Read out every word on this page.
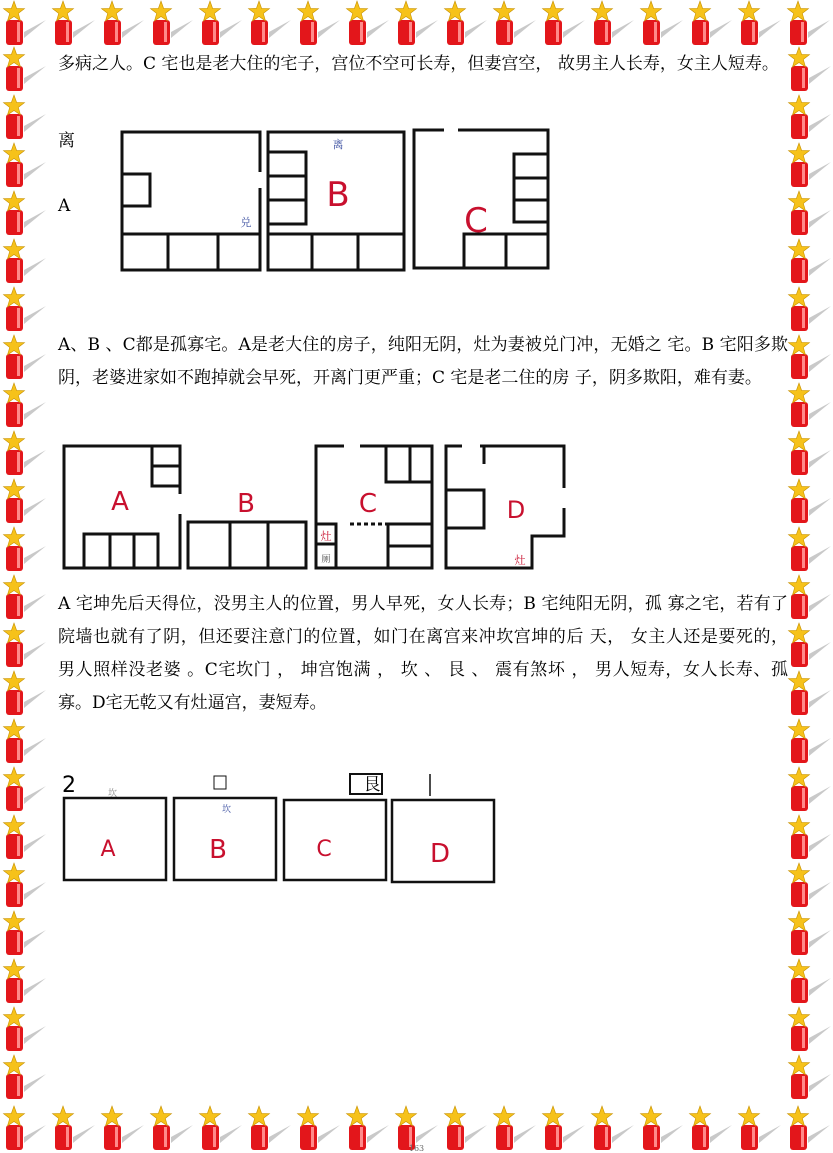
多病之人。C 宅也是老大住的宅子，宫位不空可长寿，但妻宫空， 故男主人长寿，女主人短寿。

离
A	B
C
离
兑

A、B 、C都是孤寡宅。A是老大住的房子，纯阳无阴，灶为妻被兑门冲，无婚之 宅。B 宅阳多欺阴，老婆进家如不跑掉就会早死，开离门更严重；C 宅是老二住的房 子，阴多欺阳，难有妻。

A	B	C	D
灶
厕	灶

A 宅坤先后天得位，没男主人的位置，男人早死，女人长寿；B 宅纯阳无阴，孤 寡之宅，若有了院墙也就有了阴，但还要注意门的位置，如门在离宫来冲坎宫坤的后 天， 女主人还是要死的， 男人照样没老婆 。C宅坎门 ， 坤宫饱满 ， 坎 、 艮 、 震有煞坏 ， 男人短寿，女人长寿、孤寡。D宅无乾又有灶逼宫，妻短寿。

2	艮
坎
坎
A	B	C	D
163
